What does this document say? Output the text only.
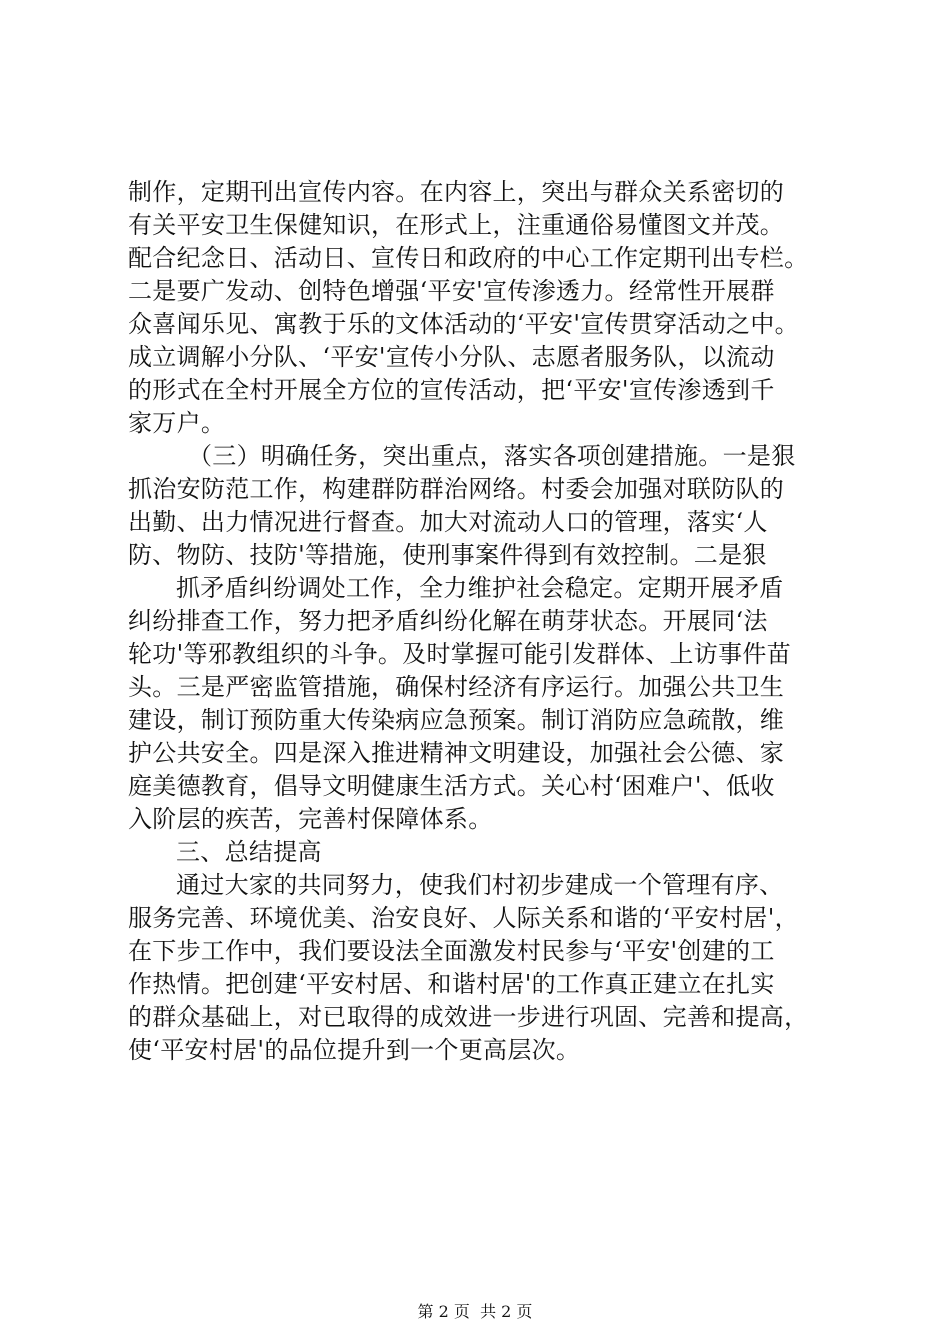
制作，定期刊出宣传内容。在内容上，突出与群众关系密切的
有关平安卫生保健知识，在形式上，注重通俗易懂图文并茂。
配合纪念日、活动日、宣传日和政府的中心工作定期刊出专栏。
二是要广发动、创特色增强‘平安'宣传渗透力。经常性开展群
众喜闻乐见、寓教于乐的文体活动的‘平安'宣传贯穿活动之中。
成立调解小分队、‘平安'宣传小分队、志愿者服务队，以流动
的形式在全村开展全方位的宣传活动，把‘平安'宣传渗透到千
家万户。
（三）明确任务，突出重点，落实各项创建措施。一是狠
抓治安防范工作，构建群防群治网络。村委会加强对联防队的
出勤、出力情况进行督查。加大对流动人口的管理，落实‘人
防、物防、技防'等措施，使刑事案件得到有效控制。二是狠
抓矛盾纠纷调处工作，全力维护社会稳定。定期开展矛盾
纠纷排查工作，努力把矛盾纠纷化解在萌芽状态。开展同‘法
轮功'等邪教组织的斗争。及时掌握可能引发群体、上访事件苗
头。三是严密监管措施，确保村经济有序运行。加强公共卫生
建设，制订预防重大传染病应急预案。制订消防应急疏散，维
护公共安全。四是深入推进精神文明建设，加强社会公德、家
庭美德教育，倡导文明健康生活方式。关心村‘困难户'、低收
入阶层的疾苦，完善村保障体系。
三、总结提高
通过大家的共同努力，使我们村初步建成一个管理有序、
服务完善、环境优美、治安良好、人际关系和谐的‘平安村居'，
在下步工作中，我们要设法全面激发村民参与‘平安'创建的工
作热情。把创建‘平安村居、和谐村居'的工作真正建立在扎实
的群众基础上，对已取得的成效进一步进行巩固、完善和提高，
使‘平安村居'的品位提升到一个更高层次。
第 2 页  共 2 页
